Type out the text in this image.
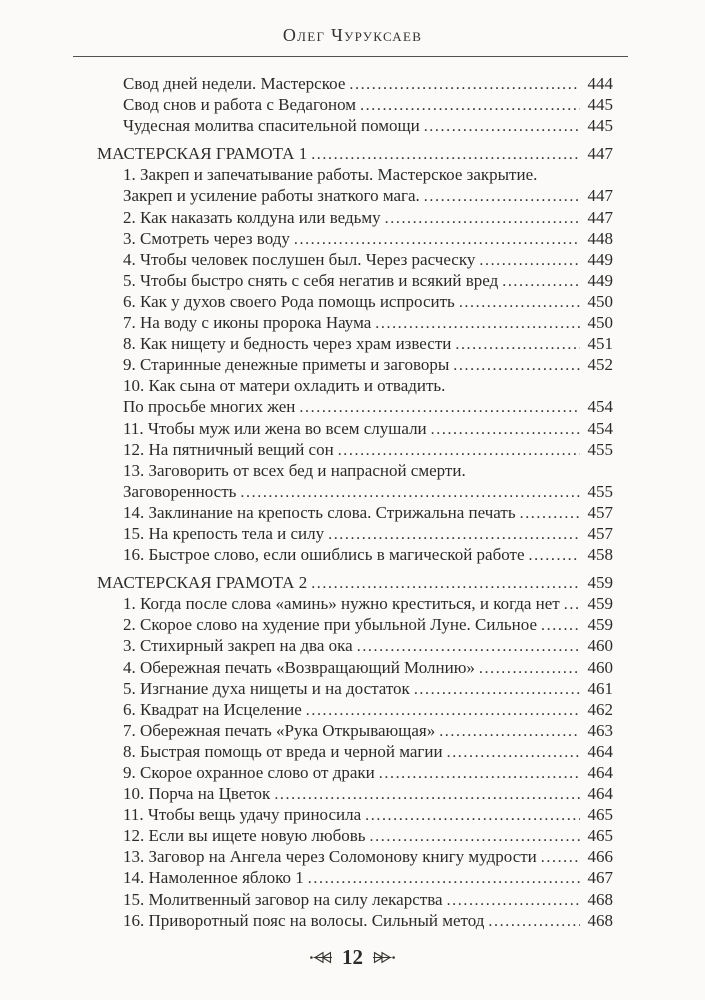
Олег Чуруксаев
Свод дней недели. Мастерское .....	444
Свод снов и работа с Ведагоном .....	445
Чудесная молитва спасительной помощи .....	445
МАСТЕРСКАЯ ГРАМОТА 1 .....	447
1. Закреп и запечатывание работы. Мастерское закрытие.
Закреп и усиление работы знаткого мага. .....	447
2. Как наказать колдуна или ведьму .....	447
3. Смотреть через воду .....	448
4. Чтобы человек послушен был. Через расческу .....	449
5. Чтобы быстро снять с себя негатив и всякий вред .....	449
6. Как у духов своего Рода помощь испросить .....	450
7. На воду с иконы пророка Наума .....	450
8. Как нищету и бедность через храм извести .....	451
9. Старинные денежные приметы и заговоры .....	452
10. Как сына от матери охладить и отвадить.
По просьбе многих жен .....	454
11. Чтобы муж или жена во всем слушали .....	454
12. На пятничный вещий сон .....	455
13. Заговорить от всех бед и напрасной смерти.
Заговоренность .....	455
14. Заклинание на крепость слова. Стрижальна печать .....	457
15. На крепость тела и силу .....	457
16. Быстрое слово, если ошиблись в магической работе .....	458
МАСТЕРСКАЯ ГРАМОТА 2 .....	459
1. Когда после слова «аминь» нужно креститься, и когда нет ..... 459
2. Скорое слово на худение при убыльной Луне. Сильное .....	459
3. Стихирный закреп на два ока .....	460
4. Обережная печать «Возвращающий Молнию» .....	460
5. Изгнание духа нищеты и на достаток .....	461
6. Квадрат на Исцеление .....	462
7. Обережная печать «Рука Открывающая» .....	463
8. Быстрая помощь от вреда и черной магии .....	464
9. Скорое охранное слово от драки .....	464
10. Порча на Цветок .....	464
11. Чтобы вещь удачу приносила .....	465
12. Если вы ищете новую любовь .....	465
13. Заговор на Ангела через Соломонову книгу мудрости .....	466
14. Намоленное яблоко 1 .....	467
15. Молитвенный заговор на силу лекарства .....	468
16. Приворотный пояс на волосы. Сильный метод .....	468
12
